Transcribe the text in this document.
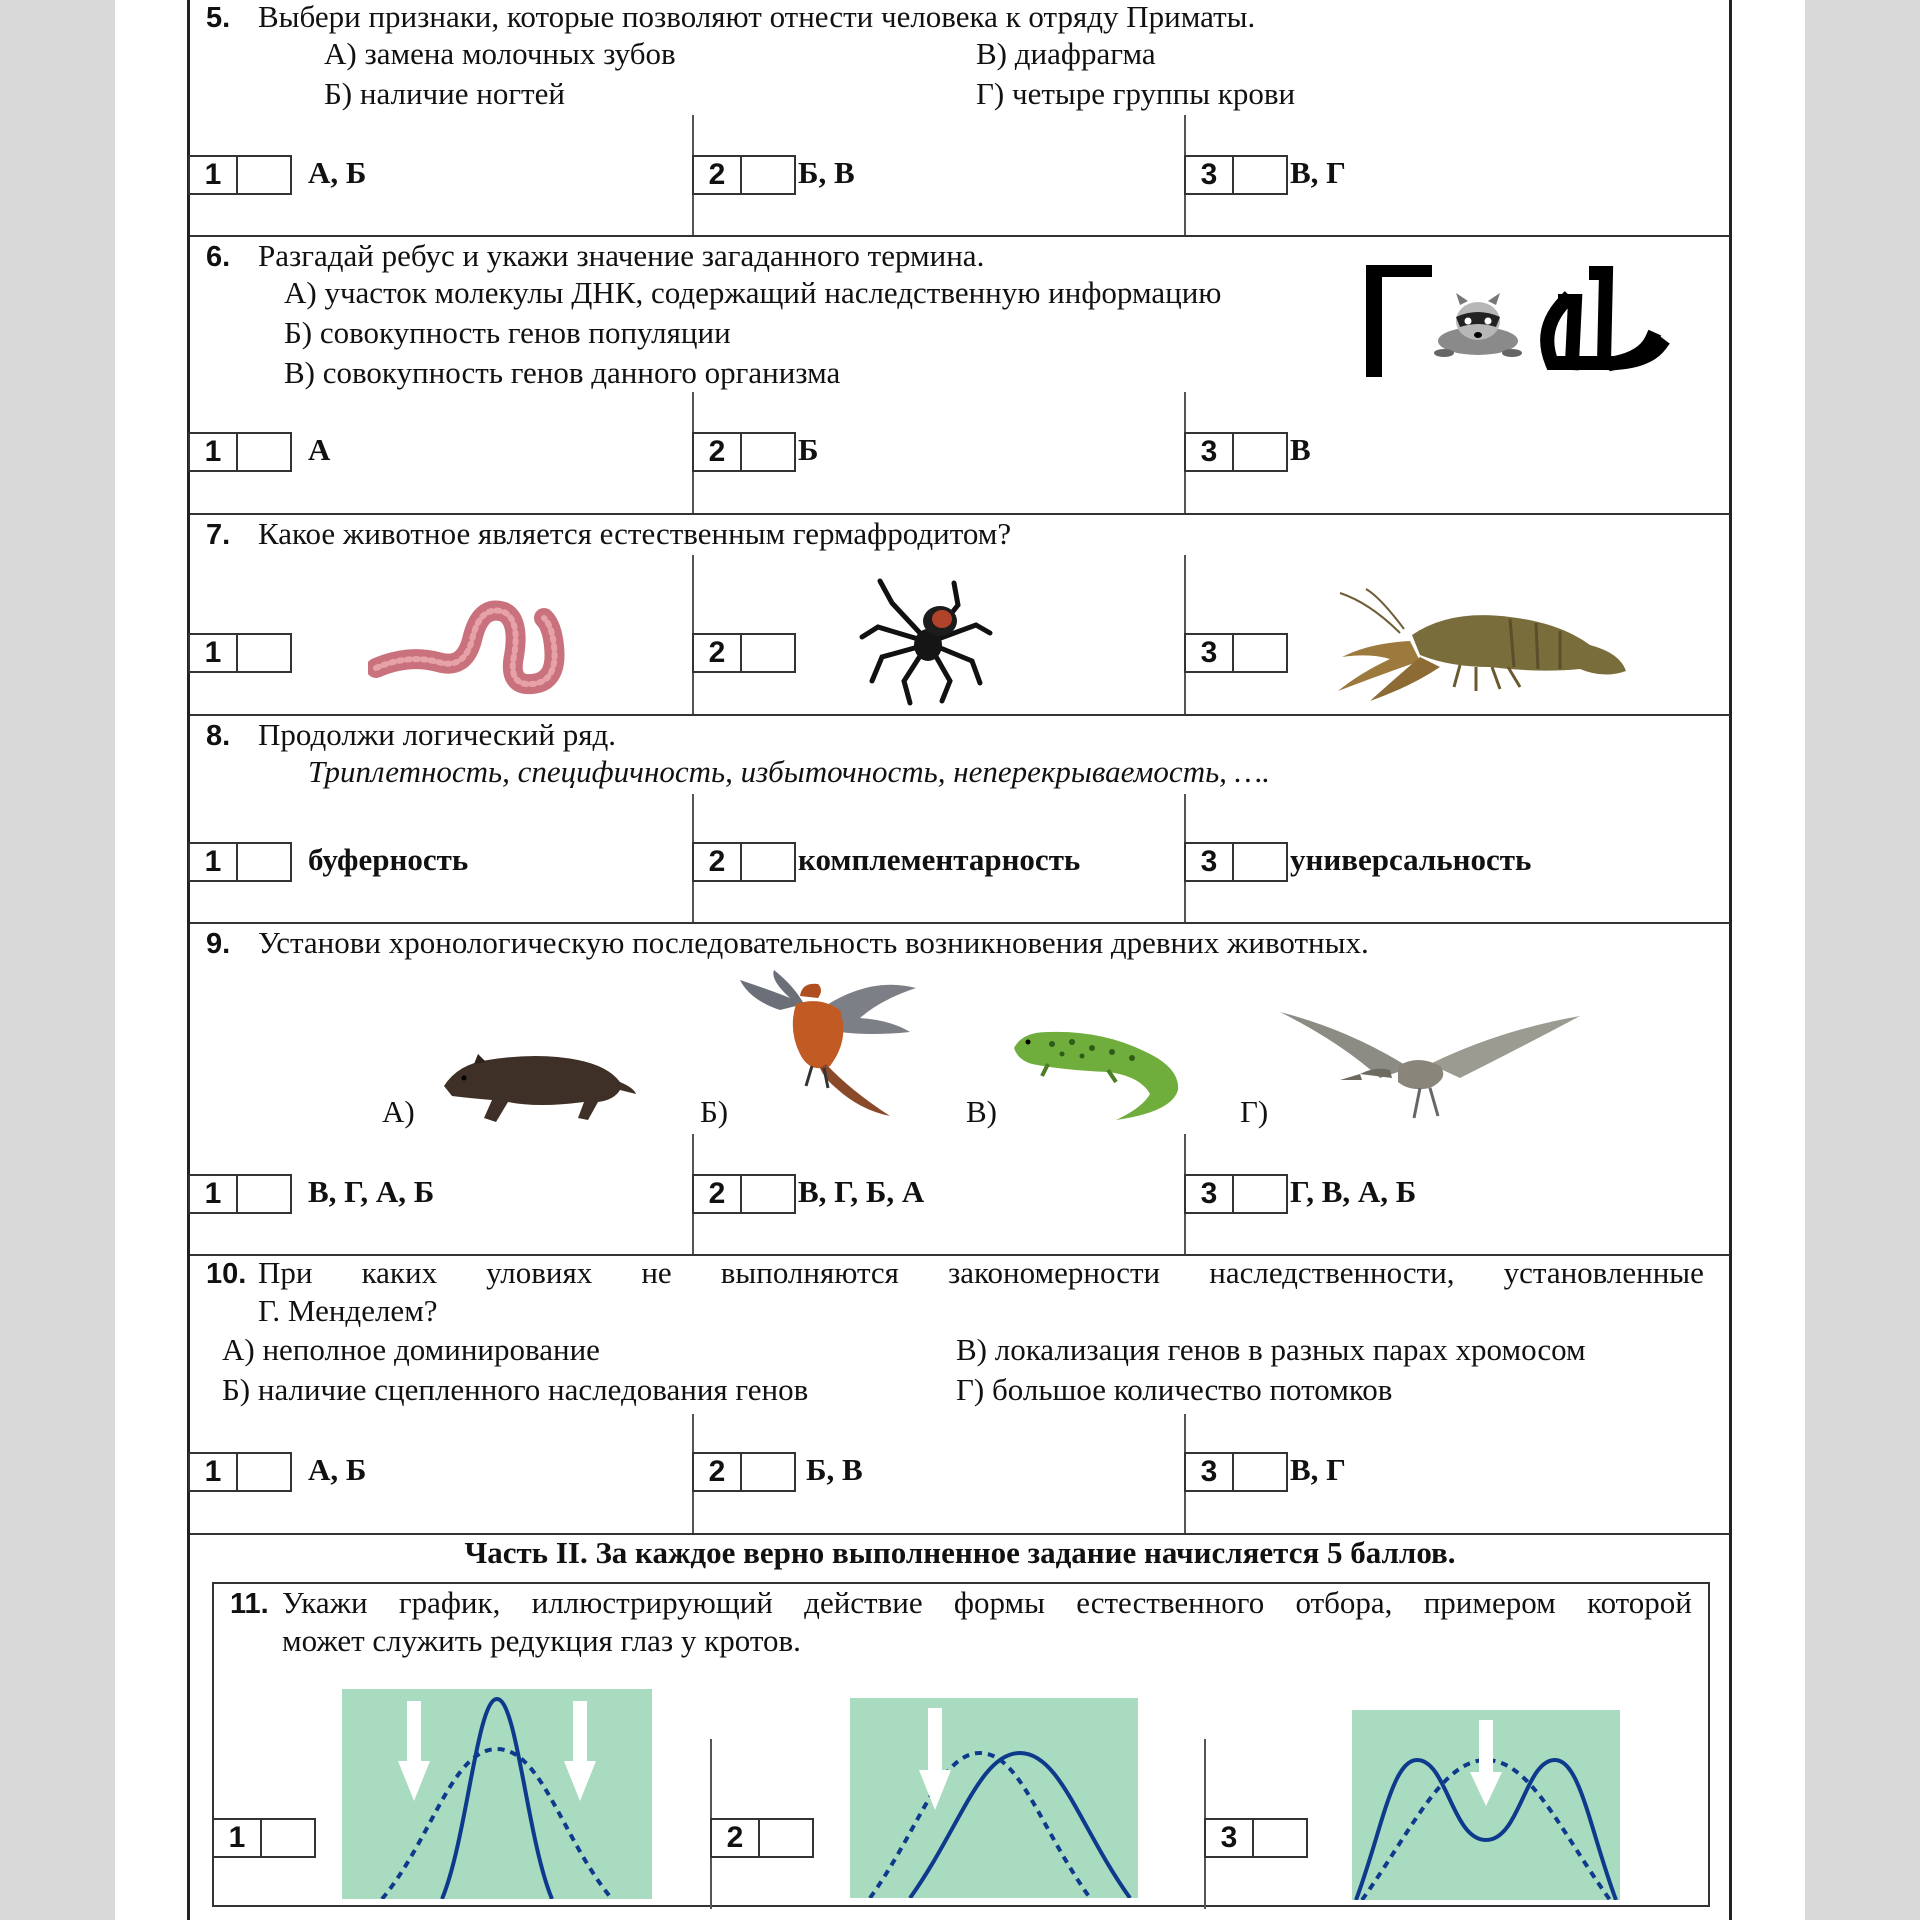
5. Выбери признаки, которые позволяют отнести человека к отряду Приматы.
А) замена молочных зубов
Б) наличие ногтей
В) диафрагма
Г) четыре группы крови
1	А, Б	2	Б, В	3	В, Г
6. Разгадай ребус и укажи значение загаданного термина.
А) участок молекулы ДНК, содержащий наследственную информацию
Б) совокупность генов популяции
В) совокупность генов данного организма
1	А	2	Б	3	В
7. Какое животное является естественным гермафродитом?
1	2	3
8. Продолжи логический ряд.
Триплетность, специфичность, избыточность, неперекрываемость, ….
1	буферность	2	комплементарность	3	универсальность
9. Установи хронологическую последовательность возникновения древних животных.
А)	Б)	В)	Г)
1	В, Г, А, Б	2	В, Г, Б, А	3	Г, В, А, Б
10. При каких уловиях не выполняются закономерности наследственности, установленные
Г. Менделем?
А) неполное доминирование
Б) наличие сцепленного наследования генов
В) локализация генов в разных парах хромосом
Г) большое количество потомков
1	А, Б	2	Б, В	3	В, Г
Часть II. За каждое верно выполненное задание начисляется 5 баллов.
11. Укажи график, иллюстрирующий действие формы естественного отбора, примером которой
может служить редукция глаз у кротов.
1	2	3
